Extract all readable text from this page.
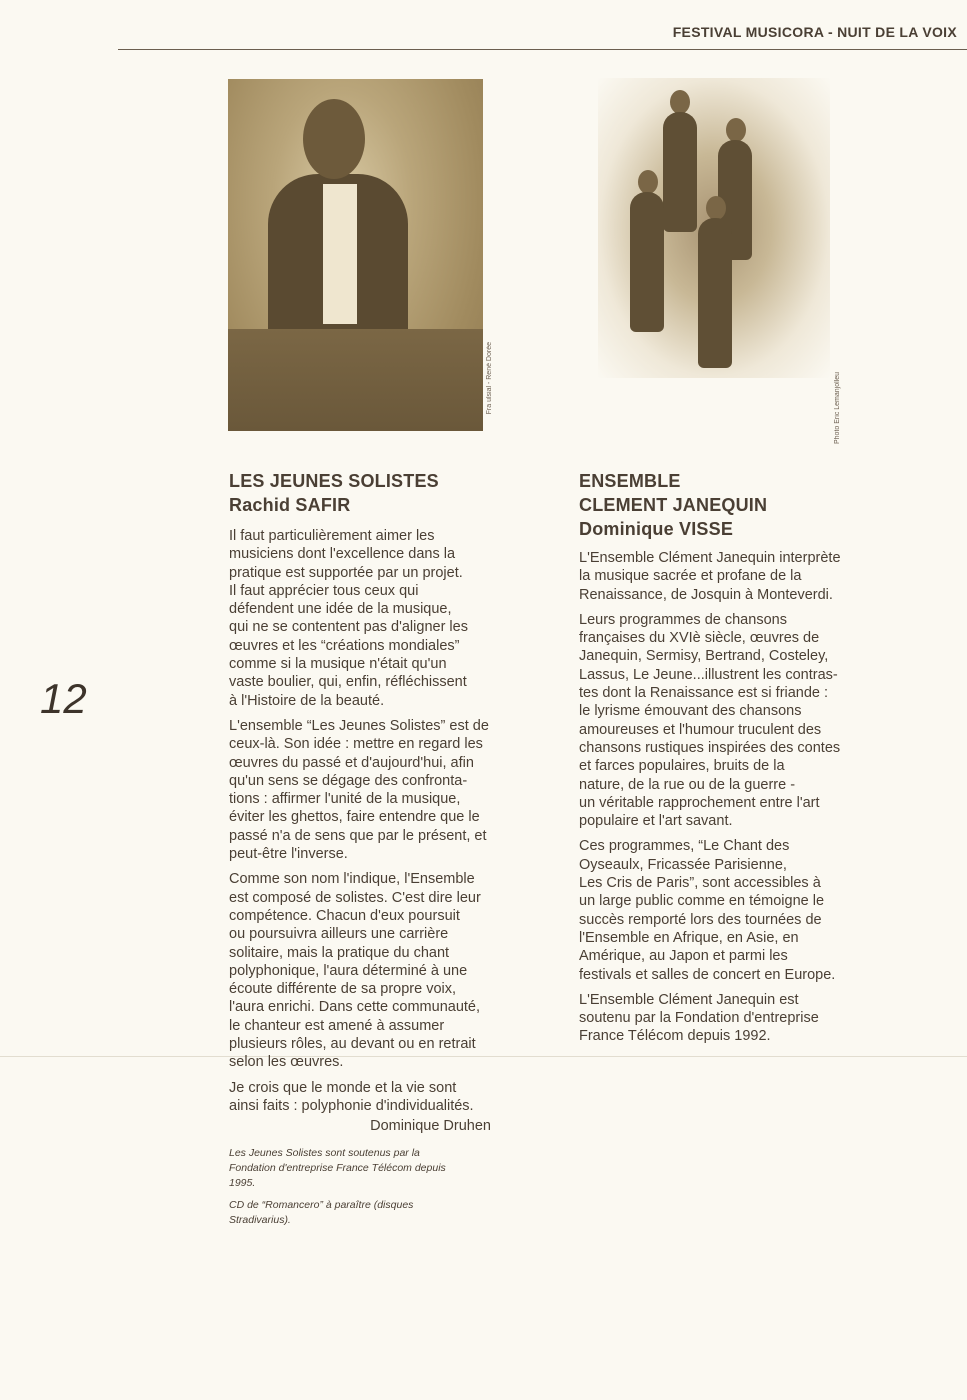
FESTIVAL MUSICORA - NUIT DE LA VOIX
12
Fra ulsial - René Dorée	Photo Eric Lemanjolleu
LES JEUNES SOLISTES
Rachid SAFIR

Il faut particulièrement aimer les
musiciens dont l'excellence dans la
pratique est supportée par un projet.
Il faut apprécier tous ceux qui
défendent une idée de la musique,
qui ne se contentent pas d'aligner les
œuvres et les “créations mondiales”
comme si la musique n'était qu'un
vaste boulier, qui, enfin, réfléchissent
à l'Histoire de la beauté.

L'ensemble “Les Jeunes Solistes” est de
ceux-là. Son idée : mettre en regard les
œuvres du passé et d'aujourd'hui, afin
qu'un sens se dégage des confronta-
tions : affirmer l'unité de la musique,
éviter les ghettos, faire entendre que le
passé n'a de sens que par le présent, et
peut-être l'inverse.

Comme son nom l'indique, l'Ensemble
est composé de solistes. C'est dire leur
compétence. Chacun d'eux poursuit
ou poursuivra ailleurs une carrière
solitaire, mais la pratique du chant
polyphonique, l'aura déterminé à une
écoute différente de sa propre voix,
l'aura enrichi. Dans cette communauté,
le chanteur est amené à assumer
plusieurs rôles, au devant ou en retrait
selon les œuvres.

Je crois que le monde et la vie sont
ainsi faits : polyphonie d'individualités.

Dominique Druhen
Les Jeunes Solistes sont soutenus par la
Fondation d'entreprise France Télécom depuis
1995.
CD de “Romancero” à paraître (disques
Stradivarius).
ENSEMBLE
CLEMENT JANEQUIN
Dominique VISSE

L'Ensemble Clément Janequin interprète
la musique sacrée et profane de la
Renaissance, de Josquin à Monteverdi.

Leurs programmes de chansons
françaises du XVIè siècle, œuvres de
Janequin, Sermisy, Bertrand, Costeley,
Lassus, Le Jeune...illustrent les contras-
tes dont la Renaissance est si friande :
le lyrisme émouvant des chansons
amoureuses et l'humour truculent des
chansons rustiques inspirées des contes
et farces populaires, bruits de la
nature, de la rue ou de la guerre -
un véritable rapprochement entre l'art
populaire et l'art savant.

Ces programmes, “Le Chant des
Oyseaulx, Fricassée Parisienne,
Les Cris de Paris”, sont accessibles à
un large public comme en témoigne le
succès remporté lors des tournées de
l'Ensemble en Afrique, en Asie, en
Amérique, au Japon et parmi les
festivals et salles de concert en Europe.

L'Ensemble Clément Janequin est
soutenu par la Fondation d'entreprise
France Télécom depuis 1992.
